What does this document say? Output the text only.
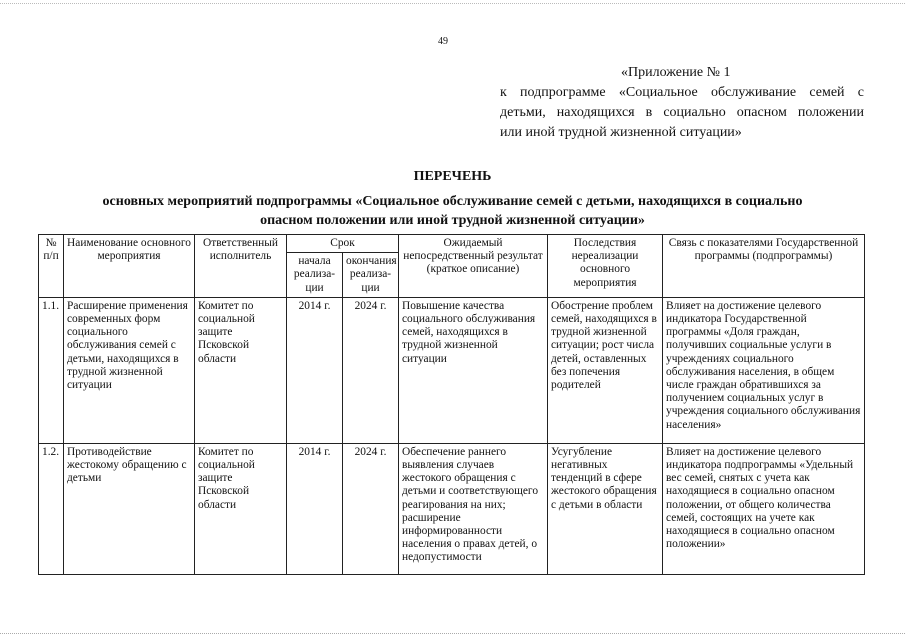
49
«Приложение № 1
к подпрограмме «Социальное обслуживание семей с
детьми, находящихся в социально опасном положении
или иной трудной жизненной ситуации»
ПЕРЕЧЕНЬ
основных мероприятий подпрограммы «Социальное обслуживание семей с детьми, находящихся в социально
опасном положении или иной трудной жизненной ситуации»
№ п/п	Наименование основного мероприятия	Ответственный исполнитель	Срок		Ожидаемый непосредственный результат (краткое описание)	Последствия нереализации основного мероприятия	Связь с показателями Государственной программы (подпрограммы)
			начала реализа-ции	окончания реализа-ции			
1.1.	Расширение применения современных форм социального обслуживания семей с детьми, находящихся в трудной жизненной ситуации	Комитет по социальной защите Псковской области	2014 г.	2024 г.	Повышение качества социального обслуживания семей, находящихся в трудной жизненной ситуации	Обострение проблем семей, находящихся в трудной жизненной ситуации; рост числа детей, оставленных без попечения родителей	Влияет на достижение целевого индикатора Государственной программы «Доля граждан, получивших социальные услуги в учреждениях социального обслуживания населения, в общем числе граждан обратившихся за получением социальных услуг в учреждения социального обслуживания населения»
1.2.	Противодействие жестокому обращению с детьми	Комитет по социальной защите Псковской области	2014 г.	2024 г.	Обеспечение раннего выявления случаев жестокого обращения с детьми и соответствующего реагирования на них; расширение информированности населения о правах детей, о недопустимости	Усугубление негативных тенденций в сфере жестокого обращения с детьми в области	Влияет на достижение целевого индикатора подпрограммы «Удельный вес семей, снятых с учета как находящиеся в социально опасном положении, от общего количества семей, состоящих на учете как находящиеся в социально опасном положении»
